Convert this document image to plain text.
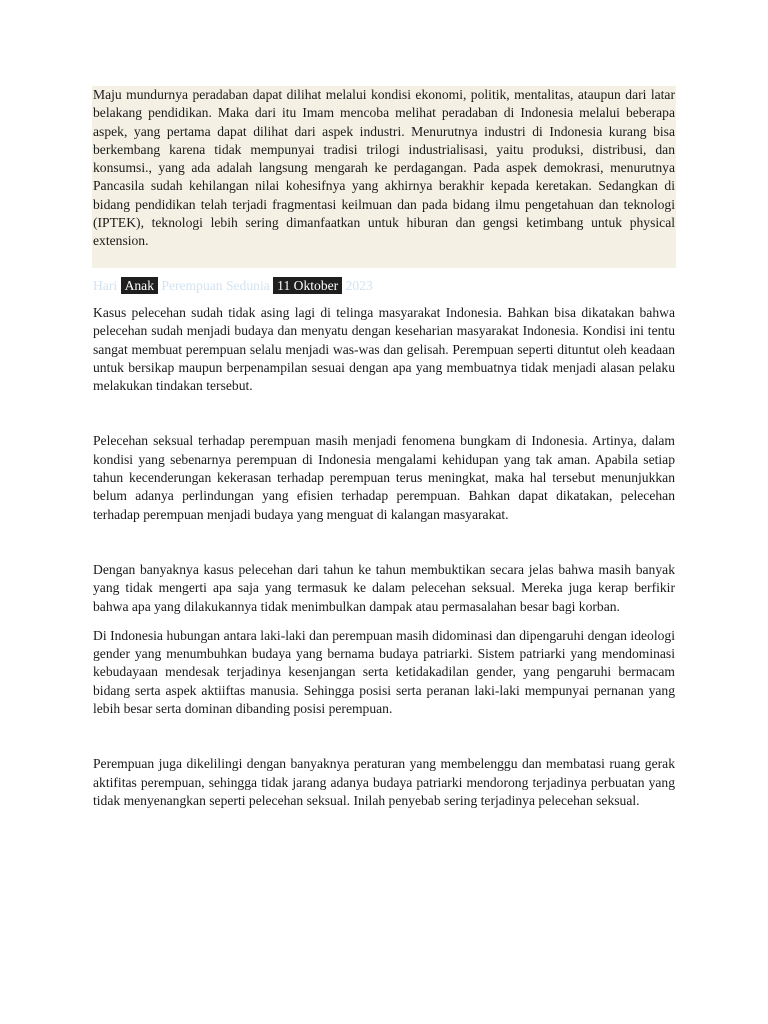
Maju mundurnya peradaban dapat dilihat melalui kondisi ekonomi, politik, mentalitas, ataupun dari latar belakang pendidikan. Maka dari itu Imam mencoba melihat peradaban di Indonesia melalui beberapa aspek, yang pertama dapat dilihat dari aspek industri. Menurutnya industri di Indonesia kurang bisa berkembang karena tidak mempunyai tradisi trilogi industrialisasi, yaitu produksi, distribusi, dan konsumsi., yang ada adalah langsung mengarah ke perdagangan. Pada aspek demokrasi, menurutnya Pancasila sudah kehilangan nilai kohesifnya yang akhirnya berakhir kepada keretakan. Sedangkan di bidang pendidikan telah terjadi fragmentasi keilmuan dan pada bidang ilmu pengetahuan dan teknologi (IPTEK), teknologi lebih sering dimanfaatkan untuk hiburan dan gengsi ketimbang untuk physical extension.

Hari Anak Perempuan Sedunia 11 Oktober 2023

Kasus pelecehan sudah tidak asing lagi di telinga masyarakat Indonesia. Bahkan bisa dikatakan bahwa pelecehan sudah menjadi budaya dan menyatu dengan keseharian masyarakat Indonesia. Kondisi ini tentu sangat membuat perempuan selalu menjadi was-was dan gelisah. Perempuan seperti dituntut oleh keadaan untuk bersikap maupun berpenampilan sesuai dengan apa yang membuatnya tidak menjadi alasan pelaku melakukan tindakan tersebut.

Pelecehan seksual terhadap perempuan masih menjadi fenomena bungkam di Indonesia. Artinya, dalam kondisi yang sebenarnya perempuan di Indonesia mengalami kehidupan yang tak aman. Apabila setiap tahun kecenderungan kekerasan terhadap perempuan terus meningkat, maka hal tersebut menunjukkan belum adanya perlindungan yang efisien terhadap perempuan. Bahkan dapat dikatakan, pelecehan terhadap perempuan menjadi budaya yang menguat di kalangan masyarakat.

Dengan banyaknya kasus pelecehan dari tahun ke tahun membuktikan secara jelas bahwa masih banyak yang tidak mengerti apa saja yang termasuk ke dalam pelecehan seksual. Mereka juga kerap berfikir bahwa apa yang dilakukannya tidak menimbulkan dampak atau permasalahan besar bagi korban.

Di Indonesia hubungan antara laki-laki dan perempuan masih didominasi dan dipengaruhi dengan ideologi gender yang menumbuhkan budaya yang bernama budaya patriarki. Sistem patriarki yang mendominasi kebudayaan mendesak terjadinya kesenjangan serta ketidakadilan gender, yang pengaruhi bermacam bidang serta aspek aktiiftas manusia. Sehingga posisi serta peranan laki-laki mempunyai pernanan yang lebih besar serta dominan dibanding posisi perempuan.

Perempuan juga dikelilingi dengan banyaknya peraturan yang membelenggu dan membatasi ruang gerak aktifitas perempuan, sehingga tidak jarang adanya budaya patriarki mendorong terjadinya perbuatan yang tidak menyenangkan seperti pelecehan seksual. Inilah penyebab sering terjadinya pelecehan seksual.
